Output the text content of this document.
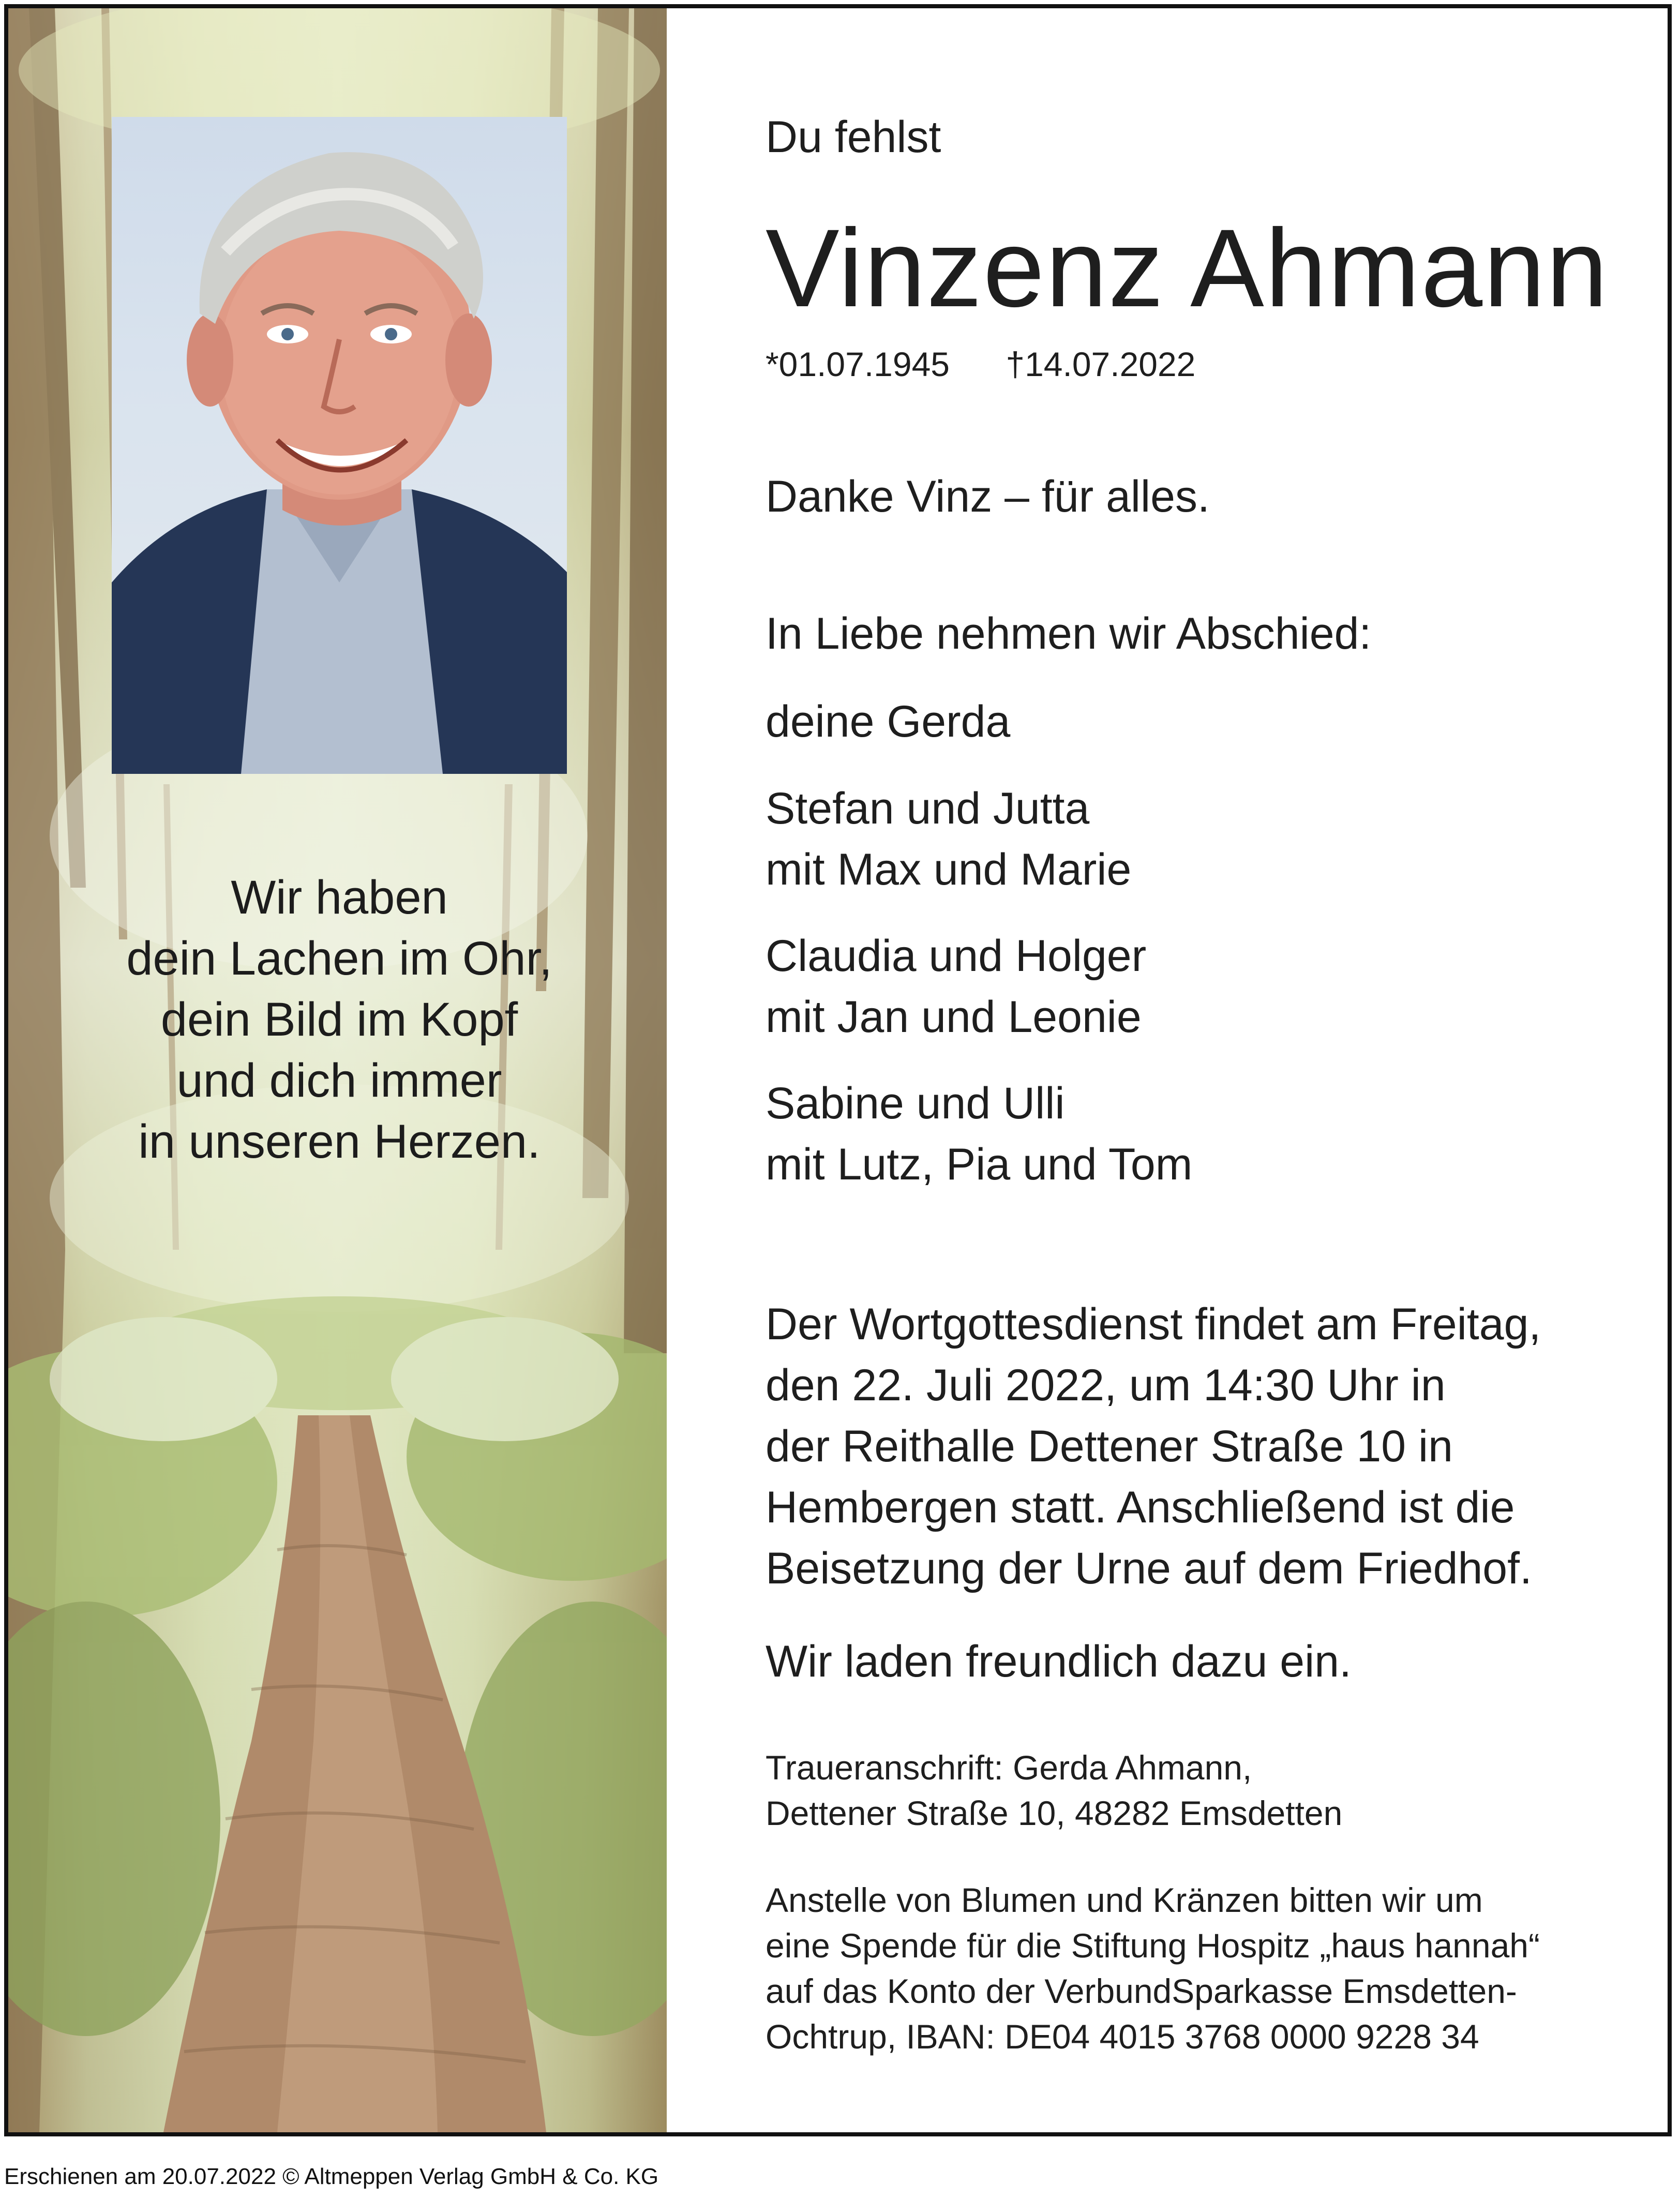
Wir haben
dein Lachen im Ohr,
dein Bild im Kopf
und dich immer
in unseren Herzen.
Du fehlst
Vinzenz Ahmann
*01.07.1945 †14.07.2022
Danke Vinz – für alles.
In Liebe nehmen wir Abschied:
deine Gerda
Stefan und Jutta
mit Max und Marie
Claudia und Holger
mit Jan und Leonie
Sabine und Ulli
mit Lutz, Pia und Tom
Der Wortgottesdienst findet am Freitag,
den 22. Juli 2022, um 14:30 Uhr in
der Reithalle Dettener Straße 10 in
Hembergen statt. Anschließend ist die
Beisetzung der Urne auf dem Friedhof.
Wir laden freundlich dazu ein.
Traueranschrift: Gerda Ahmann,
Dettener Straße 10, 48282 Emsdetten
Anstelle von Blumen und Kränzen bitten wir um
eine Spende für die Stiftung Hospitz „haus hannah“
auf das Konto der VerbundSparkasse Emsdetten-
Ochtrup, IBAN: DE04 4015 3768 0000 9228 34
Erschienen am 20.07.2022 © Altmeppen Verlag GmbH & Co. KG
